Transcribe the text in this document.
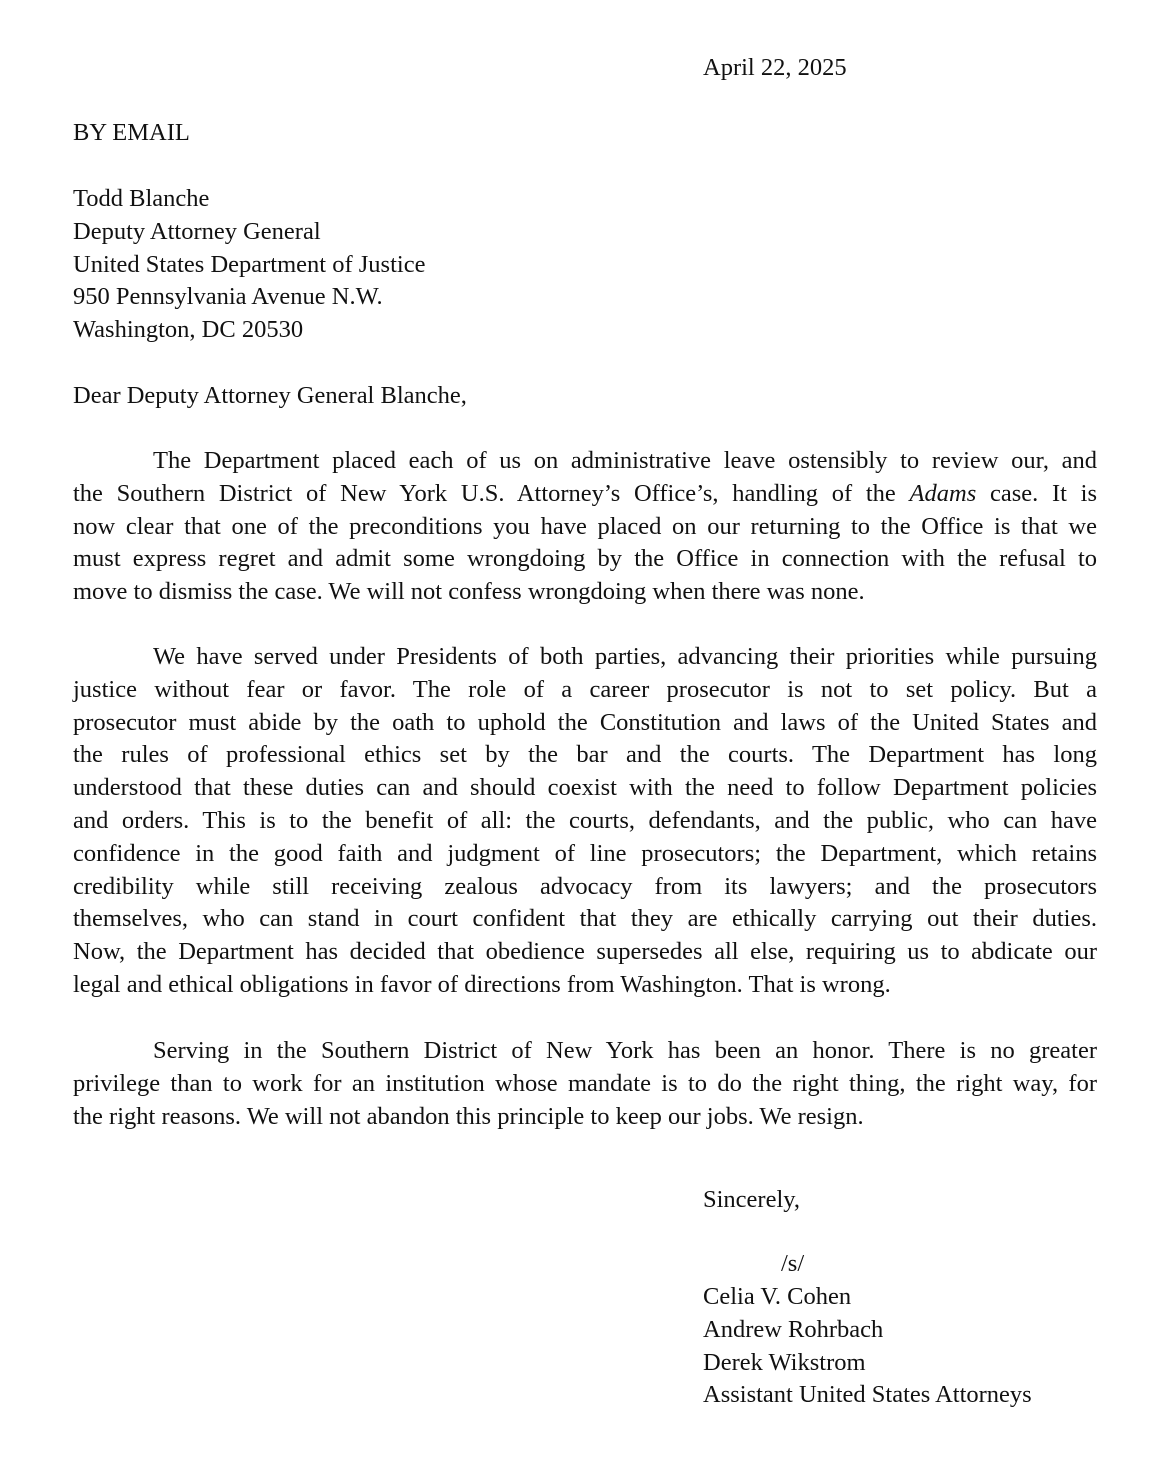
April 22, 2025
BY EMAIL
Todd Blanche
Deputy Attorney General
United States Department of Justice
950 Pennsylvania Avenue N.W.
Washington, DC 20530
Dear Deputy Attorney General Blanche,
The Department placed each of us on administrative leave ostensibly to review our, and
the Southern District of New York U.S. Attorney’s Office’s, handling of the Adams case. It is
now clear that one of the preconditions you have placed on our returning to the Office is that we
must express regret and admit some wrongdoing by the Office in connection with the refusal to
move to dismiss the case. We will not confess wrongdoing when there was none.
We have served under Presidents of both parties, advancing their priorities while pursuing
justice without fear or favor. The role of a career prosecutor is not to set policy. But a
prosecutor must abide by the oath to uphold the Constitution and laws of the United States and
the rules of professional ethics set by the bar and the courts. The Department has long
understood that these duties can and should coexist with the need to follow Department policies
and orders. This is to the benefit of all: the courts, defendants, and the public, who can have
confidence in the good faith and judgment of line prosecutors; the Department, which retains
credibility while still receiving zealous advocacy from its lawyers; and the prosecutors
themselves, who can stand in court confident that they are ethically carrying out their duties.
Now, the Department has decided that obedience supersedes all else, requiring us to abdicate our
legal and ethical obligations in favor of directions from Washington. That is wrong.
Serving in the Southern District of New York has been an honor. There is no greater
privilege than to work for an institution whose mandate is to do the right thing, the right way, for
the right reasons. We will not abandon this principle to keep our jobs. We resign.
Sincerely,
/s/
Celia V. Cohen
Andrew Rohrbach
Derek Wikstrom
Assistant United States Attorneys
